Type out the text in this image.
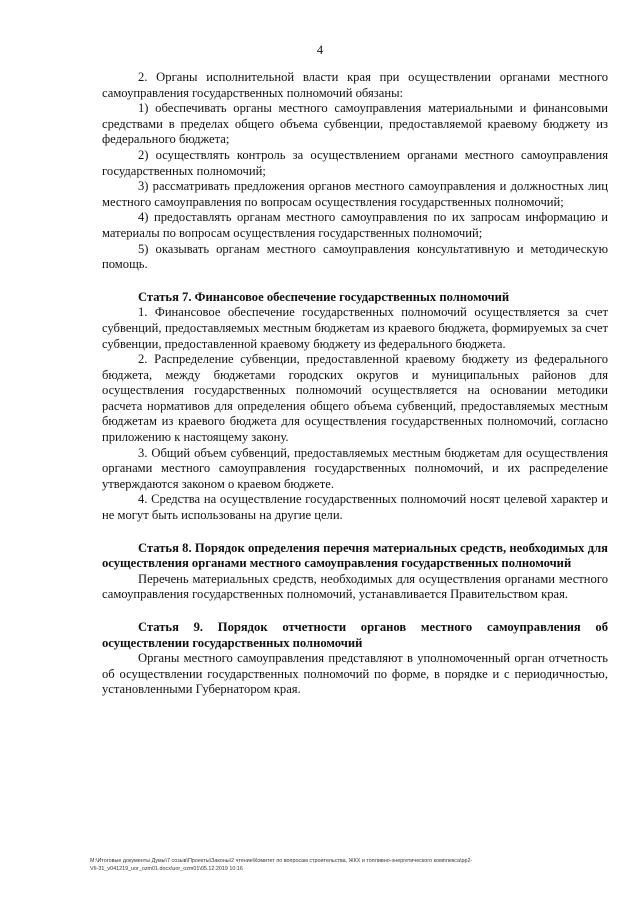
4

2. Органы исполнительной власти края при осуществлении органами местного самоуправления государственных полномочий обязаны:

1) обеспечивать органы местного самоуправления материальными и финансовыми средствами в пределах общего объема субвенции, предоставляемой краевому бюджету из федерального бюджета;

2) осуществлять контроль за осуществлением органами местного самоуправления государственных полномочий;

3) рассматривать предложения органов местного самоуправления и должностных лиц местного самоуправления по вопросам осуществления государственных полномочий;

4) предоставлять органам местного самоуправления по их запросам информацию и материалы по вопросам осуществления государственных полномочий;

5) оказывать органам местного самоуправления консультативную и методическую помощь.

Статья 7. Финансовое обеспечение государственных полномочий

1. Финансовое обеспечение государственных полномочий осуществляется за счет субвенций, предоставляемых местным бюджетам из краевого бюджета, формируемых за счет субвенции, предоставленной краевому бюджету из федерального бюджета.

2. Распределение субвенции, предоставленной краевому бюджету из федерального бюджета, между бюджетами городских округов и муниципальных районов для осуществления государственных полномочий осуществляется на основании методики расчета нормативов для определения общего объема субвенций, предоставляемых местным бюджетам из краевого бюджета для осуществления государственных полномочий, согласно приложению к настоящему закону.

3. Общий объем субвенций, предоставляемых местным бюджетам для осуществления органами местного самоуправления государственных полномочий, и их распределение утверждаются законом о краевом бюджете.

4. Средства на осуществление государственных полномочий носят целевой характер и не могут быть использованы на другие цели.

Статья 8. Порядок определения перечня материальных средств, необходимых для осуществления органами местного самоуправления государственных полномочий

Перечень материальных средств, необходимых для осуществления органами местного самоуправления государственных полномочий, устанавливается Правительством края.

Статья 9. Порядок отчетности органов местного самоуправления об осуществлении государственных полномочий

Органы местного самоуправления представляют в уполномоченный орган отчетность об осуществлении государственных полномочий по форме, в порядке и с периодичностью, установленными Губернатором края.

М:\Итоговые документы Думы\7 созыв\Проекты\Законы\2 чтение\Комитет по вопросам строительства, ЖКХ и топливно-энергетического комплекса\рр2-
VII-31_v041219_uor_ozm01.docx\uor_ozm01\05.12.2019 10:16
